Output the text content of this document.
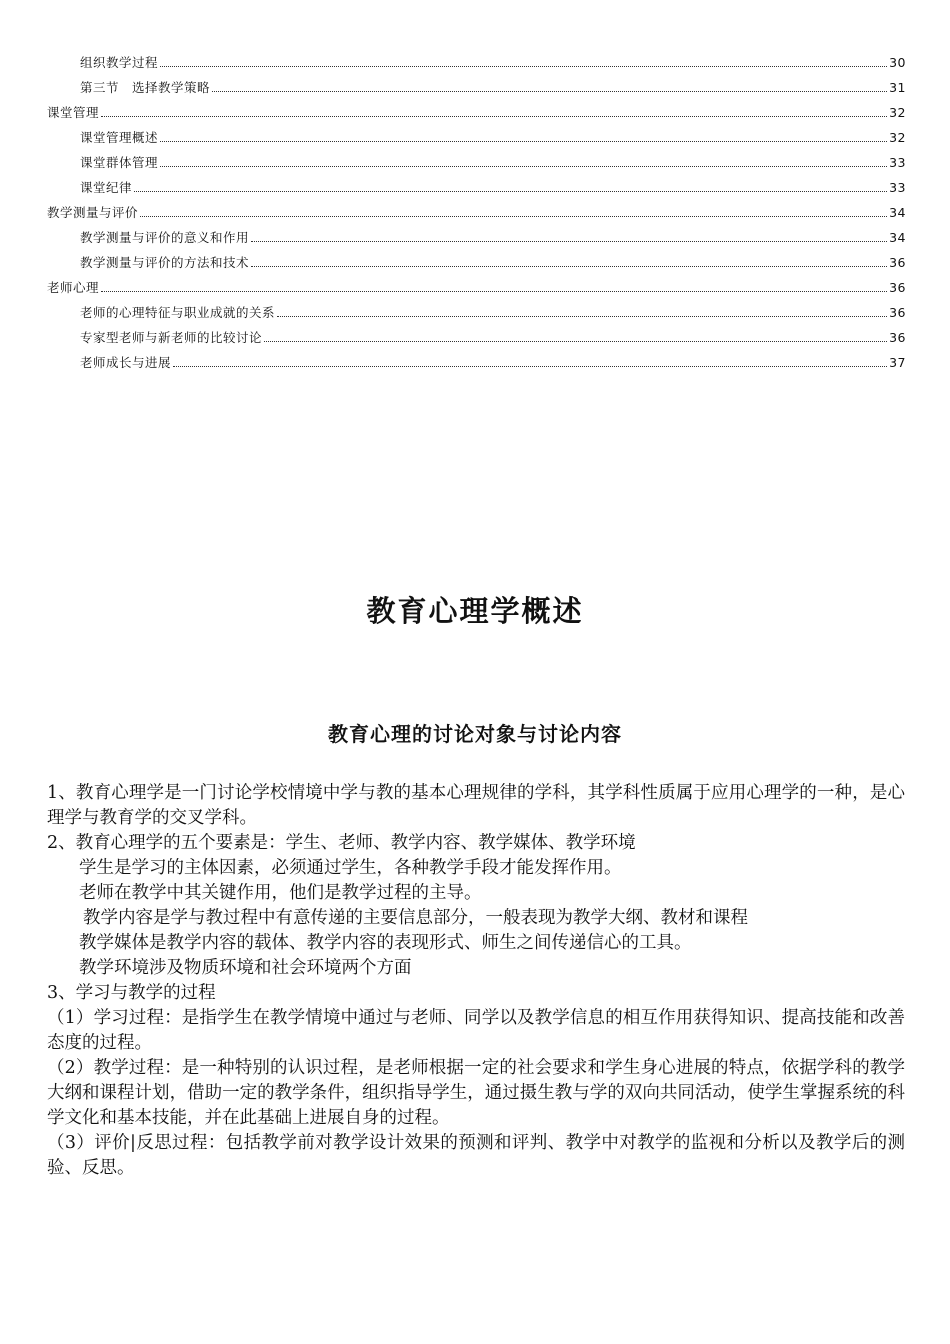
组织教学过程	30
第三节　选择教学策略	31
课堂管理	32
课堂管理概述	32
课堂群体管理	33
课堂纪律	33
教学测量与评价	34
教学测量与评价的意义和作用	34
教学测量与评价的方法和技术	36
老师心理	36
老师的心理特征与职业成就的关系	36
专家型老师与新老师的比较讨论	36
老师成长与进展	37
教育心理学概述
教育心理的讨论对象与讨论内容

1、教育心理学是一门讨论学校情境中学与教的基本心理规律的学科，其学科性质属于应用心理学的一种，是心理学与教育学的交叉学科。

2、教育心理学的五个要素是：学生、老师、教学内容、教学媒体、教学环境

学生是学习的主体因素，必须通过学生，各种教学手段才能发挥作用。

老师在教学中其关键作用，他们是教学过程的主导。

教学内容是学与教过程中有意传递的主要信息部分，一般表现为教学大纲、教材和课程

教学媒体是教学内容的载体、教学内容的表现形式、师生之间传递信心的工具。

教学环境涉及物质环境和社会环境两个方面

3、学习与教学的过程

（1）学习过程：是指学生在教学情境中通过与老师、同学以及教学信息的相互作用获得知识、提高技能和改善态度的过程。

（2）教学过程：是一种特别的认识过程，是老师根据一定的社会要求和学生身心进展的特点，依据学科的教学大纲和课程计划，借助一定的教学条件，组织指导学生，通过摄生教与学的双向共同活动，使学生掌握系统的科学文化和基本技能，并在此基础上进展自身的过程。

（3）评价|反思过程：包括教学前对教学设计效果的预测和评判、教学中对教学的监视和分析以及教学后的测验、反思。
